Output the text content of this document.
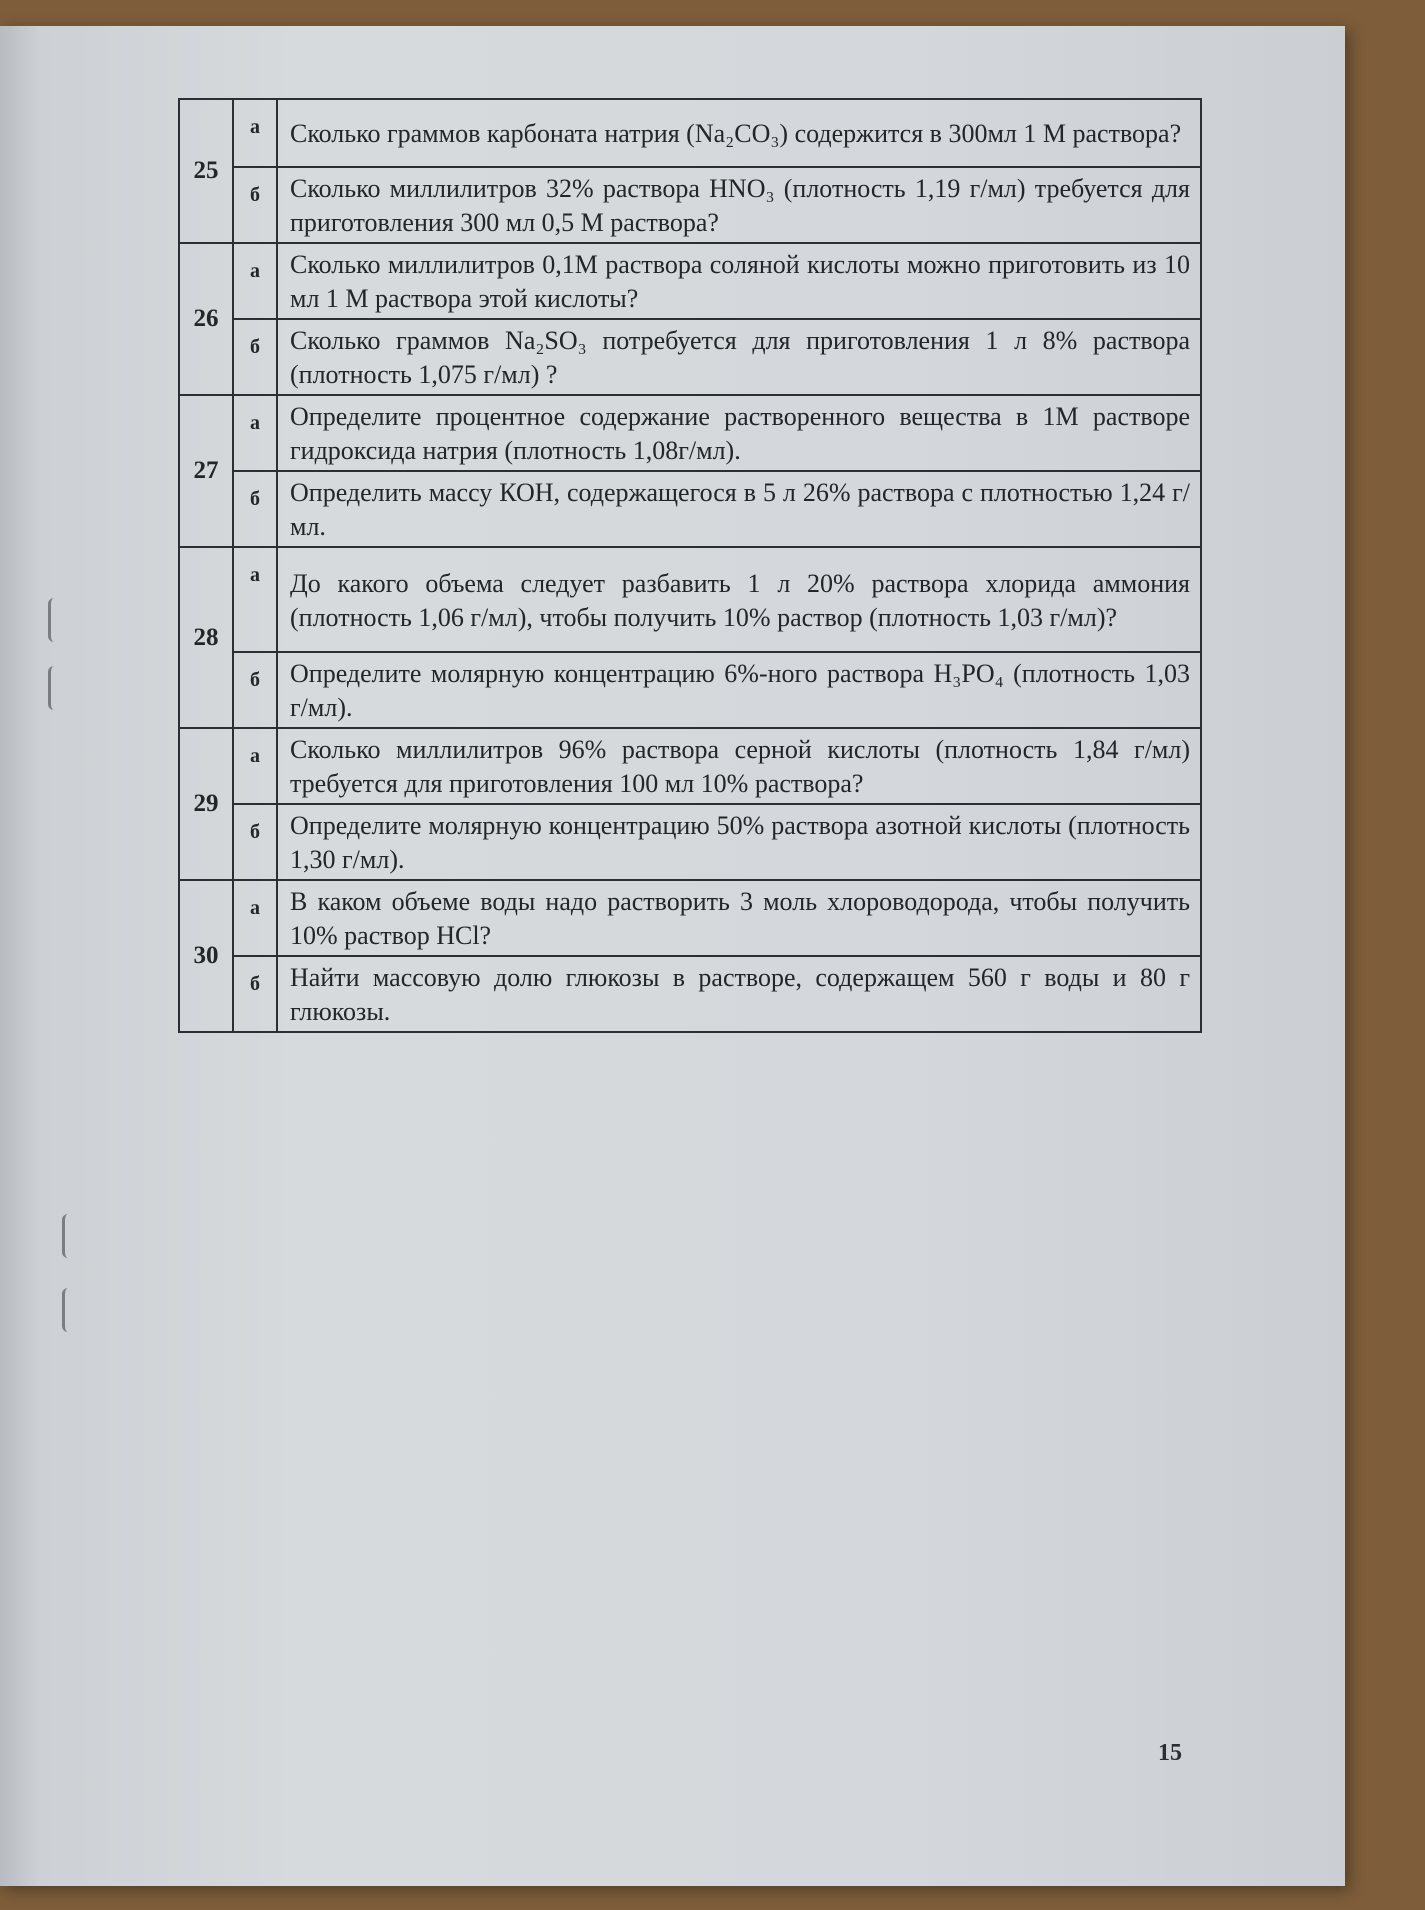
25	а	Сколько граммов карбоната натрия (Na₂CO₃) содержится в 300мл 1 М раствора?
	б	Сколько миллилитров 32% раствора HNO₃ (плотность 1,19 г/мл) требуется для приготовления 300 мл 0,5 М раствора?
26	а	Сколько миллилитров 0,1М раствора соляной кислоты можно приготовить из 10 мл 1 М раствора этой кислоты?
	б	Сколько граммов Na₂SO₃ потребуется для приготовления 1 л 8% раствора (плотность 1,075 г/мл) ?
27	а	Определите процентное содержание растворенного вещества в 1М растворе гидроксида натрия (плотность 1,08г/мл).
	б	Определить массу КОН, содержащегося в 5 л 26% раствора с плотностью 1,24 г/мл.
28	а	До какого объема следует разбавить 1 л 20% раствора хлорида аммония (плотность 1,06 г/мл), чтобы получить 10% раствор (плотность 1,03 г/мл)?
	б	Определите молярную концентрацию 6%-ного раствора H₃PO₄ (плотность 1,03 г/мл).
29	а	Сколько миллилитров 96% раствора серной кислоты (плотность 1,84 г/мл) требуется для приготовления 100 мл 10% раствора?
	б	Определите молярную концентрацию 50% раствора азотной кислоты (плотность 1,30 г/мл).
30	а	В каком объеме воды надо растворить 3 моль хлороводорода, чтобы получить 10% раствор HCl?
	б	Найти массовую долю глюкозы в растворе, содержащем 560 г воды и 80 г глюкозы.
15
